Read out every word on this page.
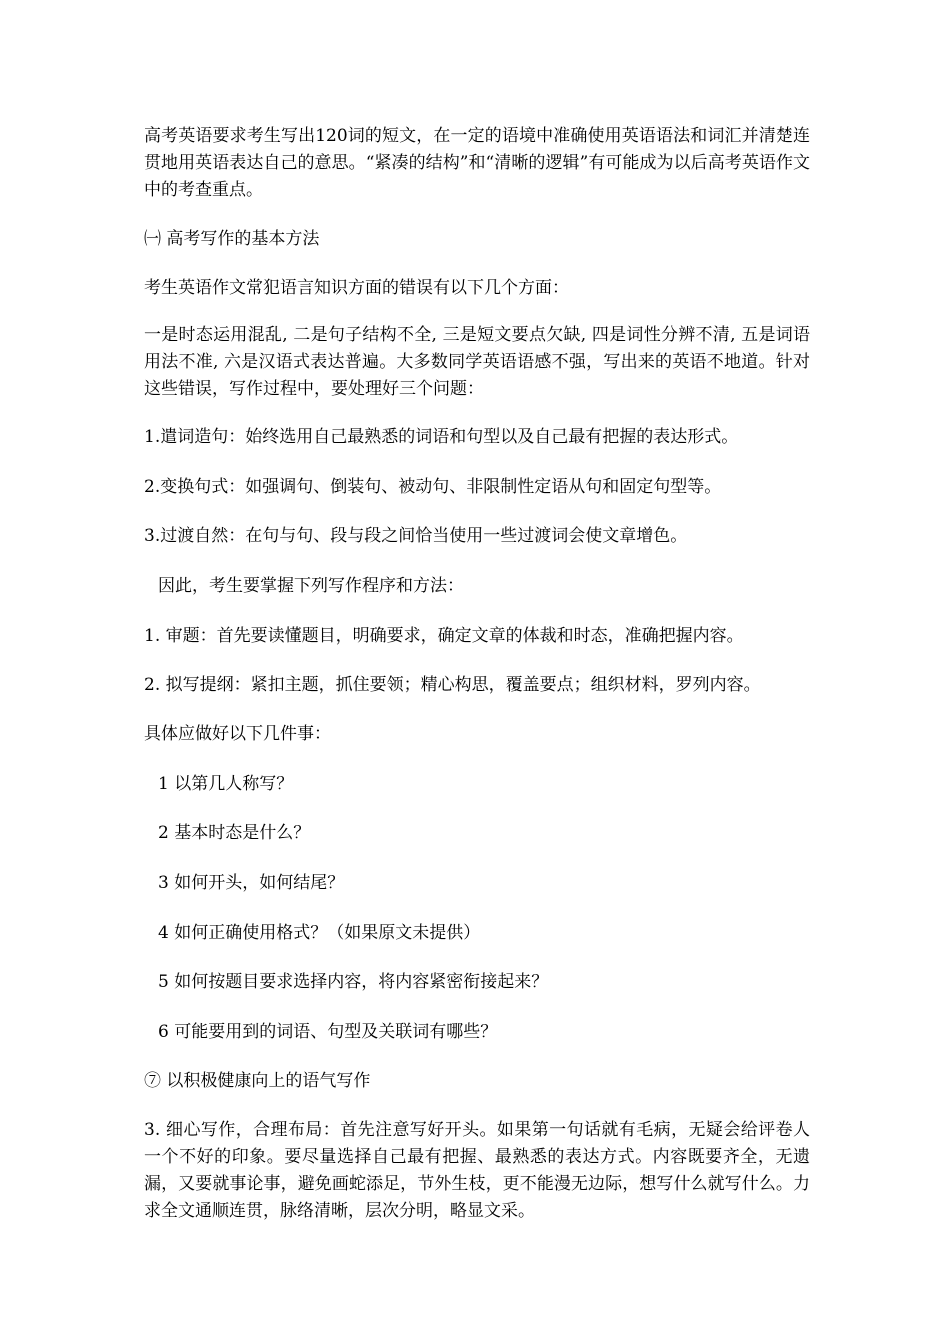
高考英语要求考生写出120词的短文，在一定的语境中准确使用英语语法和词汇并清楚连贯地用英语表达自己的意思。“紧凑的结构”和“清晰的逻辑”有可能成为以后高考英语作文中的考查重点。

㈠ 高考写作的基本方法

考生英语作文常犯语言知识方面的错误有以下几个方面：

一是时态运用混乱, 二是句子结构不全, 三是短文要点欠缺, 四是词性分辨不清, 五是词语用法不准, 六是汉语式表达普遍。大多数同学英语语感不强，写出来的英语不地道。针对这些错误，写作过程中，要处理好三个问题：

1.遣词造句：始终选用自己最熟悉的词语和句型以及自己最有把握的表达形式。

2.变换句式：如强调句、倒装句、被动句、非限制性定语从句和固定句型等。

3.过渡自然：在句与句、段与段之间恰当使用一些过渡词会使文章增色。

因此，考生要掌握下列写作程序和方法：

1. 审题：首先要读懂题目，明确要求，确定文章的体裁和时态，准确把握内容。

2. 拟写提纲：紧扣主题，抓住要领；精心构思，覆盖要点；组织材料，罗列内容。

具体应做好以下几件事：

1 以第几人称写？

2 基本时态是什么？

3 如何开头，如何结尾？

4 如何正确使用格式？（如果原文未提供）

5 如何按题目要求选择内容，将内容紧密衔接起来？

6 可能要用到的词语、句型及关联词有哪些？

⑦ 以积极健康向上的语气写作

3. 细心写作，合理布局：首先注意写好开头。如果第一句话就有毛病，无疑会给评卷人一个不好的印象。要尽量选择自己最有把握、最熟悉的表达方式。内容既要齐全，无遗漏，又要就事论事，避免画蛇添足，节外生枝，更不能漫无边际，想写什么就写什么。力求全文通顺连贯，脉络清晰，层次分明，略显文采。
